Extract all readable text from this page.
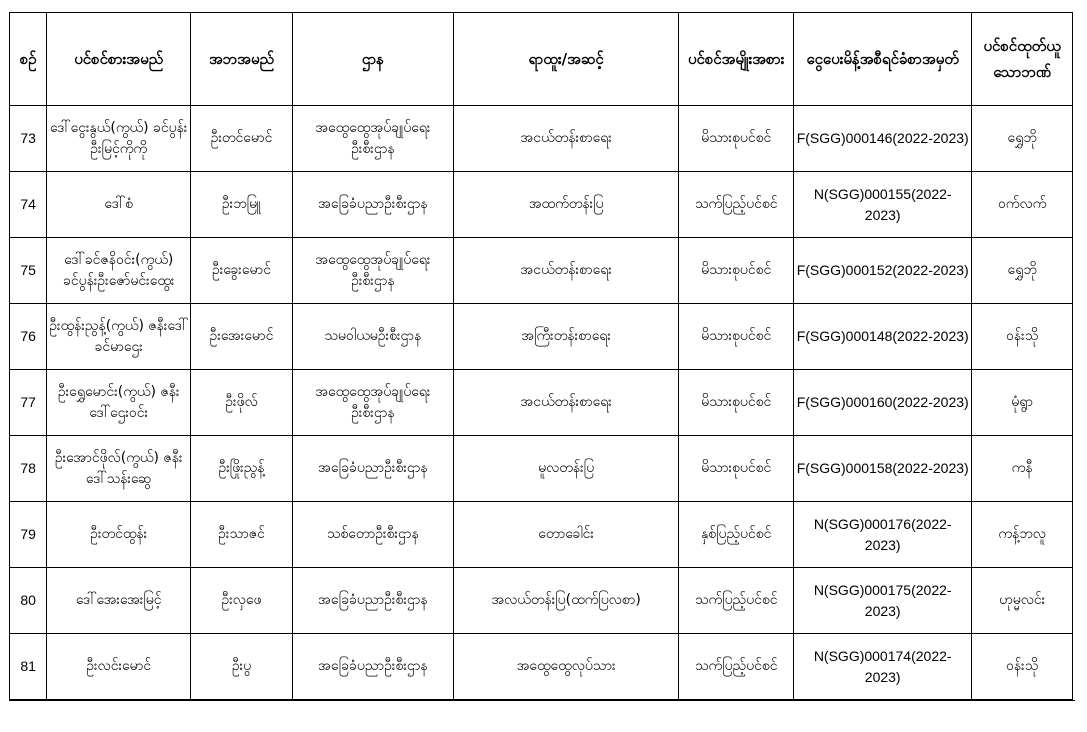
စဉ်	ပင်စင်စားအမည်	အဘအမည်	ဌာန	ရာထူး/အဆင့်	ပင်စင်အမျိုးအစား	ငွေပေးမိန့်အစီရင်ခံစာအမှတ်	ပင်စင်ထုတ်ယူသောဘဏ်
73	ဒေါ်ငွေးနွယ်(ကွယ်) ခင်ပွန်းဦးမြင့်ကိုကို	ဦးတင်မောင်	အထွေထွေအုပ်ချုပ်ရေးဦးစီးဌာန	အငယ်တန်းစာရေး	မိသားစုပင်စင်	F(SGG)000146(2022-2023)	ရွှေဘို
74	ဒေါ်စံ	ဦးဘမြူ	အခြေခံပညာဦးစီးဌာန	အထက်တန်းပြ	သက်ပြည့်ပင်စင်	N(SGG)000155(2022-2023)	ဝက်လက်
75	ဒေါ်ခင်ဇနိဝင်း(ကွယ်) ခင်ပွန်းဦးဇော်မင်းထွေး	ဦးခွေးမောင်	အထွေထွေအုပ်ချုပ်ရေးဦးစီးဌာန	အငယ်တန်းစာရေး	မိသားစုပင်စင်	F(SGG)000152(2022-2023)	ရွှေဘို
76	ဦးထွန်းညွန့်(ကွယ်) ဇနီးဒေါ်ခင်မာဌေး	ဦးအေးမောင်	သမဝါယမဦးစီးဌာန	အကြီးတန်းစာရေး	မိသားစုပင်စင်	F(SGG)000148(2022-2023)	ဝန်းသို
77	ဦးရွှေမောင်း(ကွယ်) ဇနီးဒေါ်ဌေးဝင်း	ဦးဖိုလ်	အထွေထွေအုပ်ချုပ်ရေးဦးစီးဌာန	အငယ်တန်းစာရေး	မိသားစုပင်စင်	F(SGG)000160(2022-2023)	မုံရွာ
78	ဦးအောင်ဖိုလ်(ကွယ်) ဇနီးဒေါ်သန်းဆွေ	ဦးဖြိုးညွန့်	အခြေခံပညာဦးစီးဌာန	မူလတန်းပြ	မိသားစုပင်စင်	F(SGG)000158(2022-2023)	ကနီ
79	ဦးတင်ထွန်း	ဦးသာဇင်	သစ်တောဦးစီးဌာန	တောခေါင်း	နှစ်ပြည့်ပင်စင်	N(SGG)000176(2022-2023)	ကန့်ဘလူ
80	ဒေါ်အေးအေးမြင့်	ဦးလှဖေ	အခြေခံပညာဦးစီးဌာန	အလယ်တန်းပြ(ထက်ပြလစာ)	သက်ပြည့်ပင်စင်	N(SGG)000175(2022-2023)	ဟုမ္မလင်း
81	ဦးလင်းမောင်	ဦးပွ	အခြေခံပညာဦးစီးဌာန	အထွေထွေလုပ်သား	သက်ပြည့်ပင်စင်	N(SGG)000174(2022-2023)	ဝန်းသို
